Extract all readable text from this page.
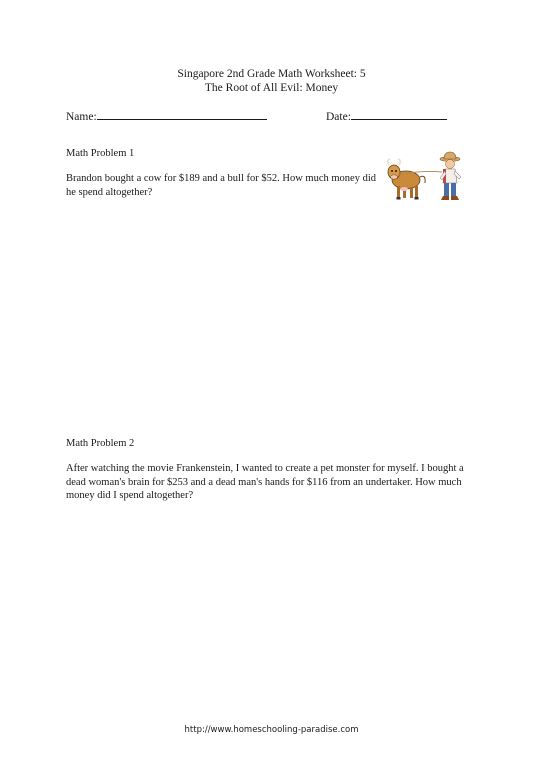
Singapore 2nd Grade Math Worksheet: 5
The Root of All Evil: Money
Name:	Date:
Math Problem 1
Brandon bought a cow for $189 and a bull for $52. How much money did he spend altogether?
Math Problem 2
After watching the movie Frankenstein, I wanted to create a pet monster for myself. I bought a dead woman's brain for $253 and a dead man's hands for $116 from an undertaker. How much money did I spend altogether?
http://www.homeschooling-paradise.com
